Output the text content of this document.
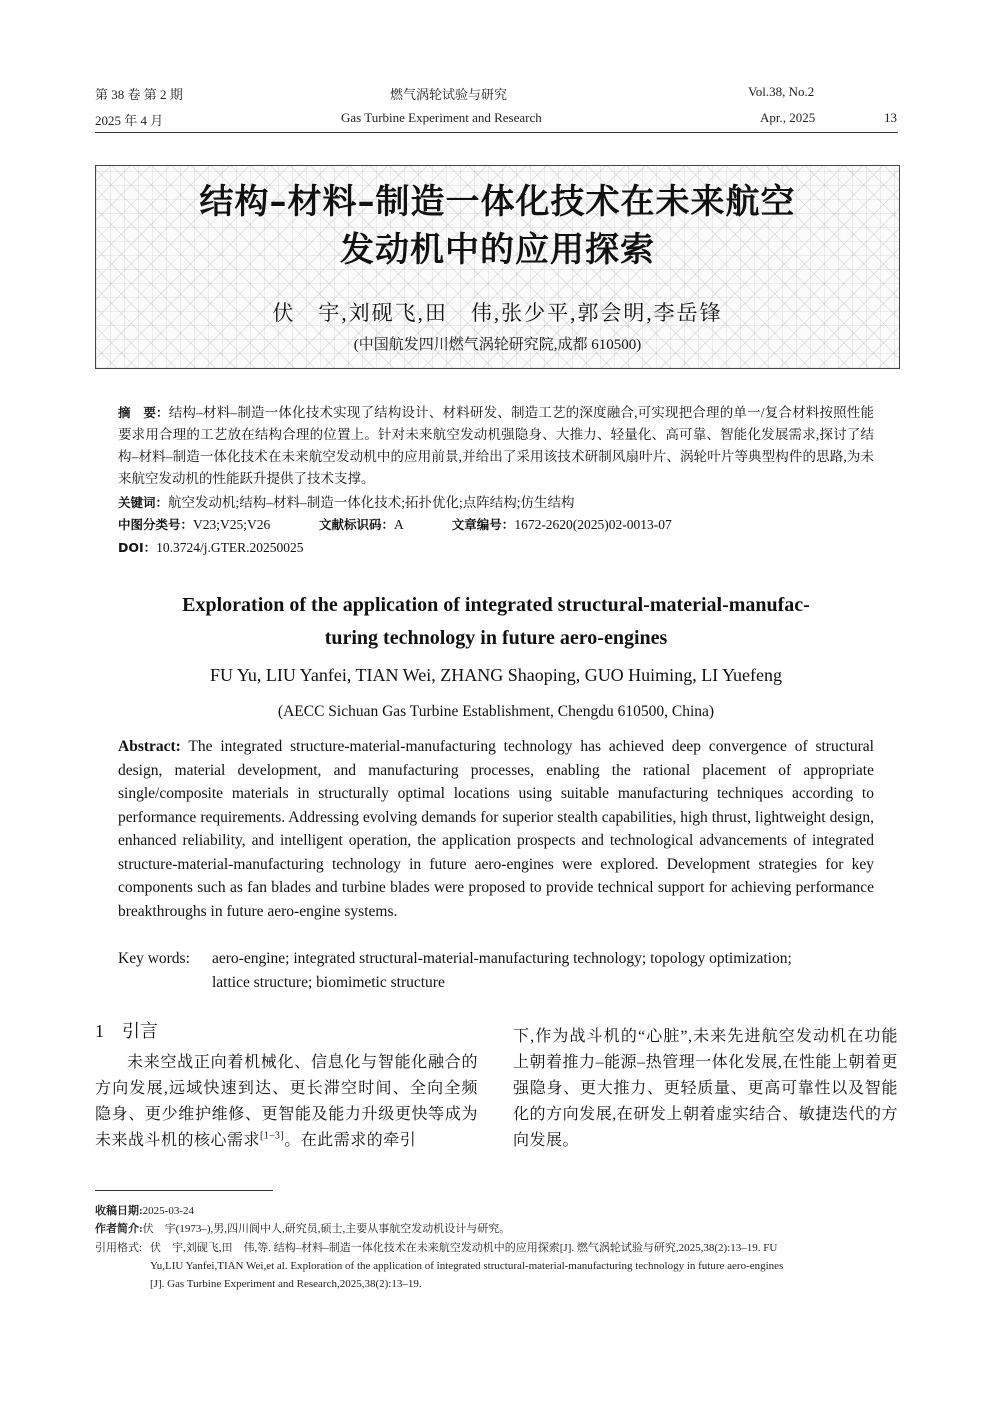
第 38 卷 第 2 期	燃气涡轮试验与研究	Vol.38, No.2
2025 年 4 月	Gas Turbine Experiment and Research	Apr., 2025	13
结构–材料–制造一体化技术在未来航空
发动机中的应用探索
伏　宇,刘砚飞,田　伟,张少平,郭会明,李岳锋
(中国航发四川燃气涡轮研究院,成都 610500)
摘　要：结构–材料–制造一体化技术实现了结构设计、材料研发、制造工艺的深度融合,可实现把合理的单一/复合材料按照性能要求用合理的工艺放在结构合理的位置上。针对未来航空发动机强隐身、大推力、轻量化、高可靠、智能化发展需求,探讨了结构–材料–制造一体化技术在未来航空发动机中的应用前景,并给出了采用该技术研制风扇叶片、涡轮叶片等典型构件的思路,为未来航空发动机的性能跃升提供了技术支撑。
关键词：航空发动机;结构–材料–制造一体化技术;拓扑优化;点阵结构;仿生结构
中图分类号：V23;V25;V26	文献标识码：A	文章编号：1672-2620(2025)02-0013-07
DOI：10.3724/j.GTER.20250025
Exploration of the application of integrated structural-material-manufac-
turing technology in future aero-engines
FU Yu, LIU Yanfei, TIAN Wei, ZHANG Shaoping, GUO Huiming, LI Yuefeng
(AECC Sichuan Gas Turbine Establishment, Chengdu 610500, China)
Abstract: The integrated structure-material-manufacturing technology has achieved deep convergence of structural design, material development, and manufacturing processes, enabling the rational placement of appropriate single/composite materials in structurally optimal locations using suitable manufacturing techniques according to performance requirements. Addressing evolving demands for superior stealth capabilities, high thrust, lightweight design, enhanced reliability, and intelligent operation, the application prospects and technological advancements of integrated structure-material-manufacturing technology in future aero-engines were explored. Development strategies for key components such as fan blades and turbine blades were proposed to provide technical support for achieving performance breakthroughs in future aero-engine systems.
Key words: aero-engine; integrated structural-material-manufacturing technology; topology optimization;
lattice structure; biomimetic structure
1　引言
未来空战正向着机械化、信息化与智能化融合的方向发展,远域快速到达、更长滞空时间、全向全频隐身、更少维护维修、更智能及能力升级更快等成为未来战斗机的核心需求[1–3]。在此需求的牵引
下,作为战斗机的“心脏”,未来先进航空发动机在功能上朝着推力–能源–热管理一体化发展,在性能上朝着更强隐身、更大推力、更轻质量、更高可靠性以及智能化的方向发展,在研发上朝着虚实结合、敏捷迭代的方向发展。
收稿日期:2025-03-24
作者简介:伏　宇(1973–),男,四川阆中人,研究员,硕士,主要从事航空发动机设计与研究。
引用格式: 伏　宇,刘砚飞,田　伟,等. 结构–材料–制造一体化技术在未来航空发动机中的应用探索[J]. 燃气涡轮试验与研究,2025,38(2):13–19. FU
Yu,LIU Yanfei,TIAN Wei,et al. Exploration of the application of integrated structural-material-manufacturing technology in future aero-engines
[J]. Gas Turbine Experiment and Research,2025,38(2):13–19.
